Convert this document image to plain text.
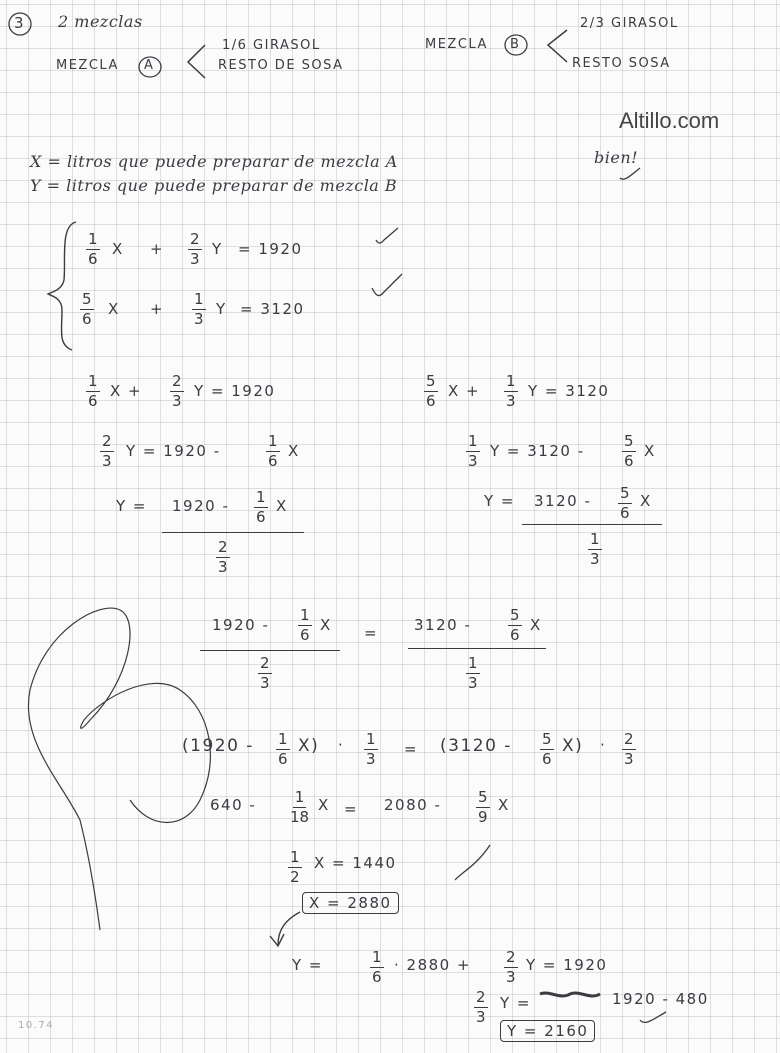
Altillo.com
3 2 mezclas
MEZCLA A
1/6 GIRASOL
RESTO DE SOSA
MEZCLA B
2/3 GIRASOL
RESTO SOSA
X = litros que puede preparar de mezcla A
Y = litros que puede preparar de mezcla B
bien!
$\frac{1}{6}$ $X + \frac{2}{3}$ Y = 1920
$\frac{5}{6}$ $X + \frac{1}{3}$ Y = 3120
$\frac{1}{6}$ $X + \frac{2}{3}$ Y = 1920
$\frac{2}{3}$ Y = 1920 -	$\frac{1}{6}$ X
$Y = 1920 - \frac{1}{6}$ X
$\frac{2}{3}$
$\frac{5}{6}$ $X + \frac{1}{3}$ Y = 3120
$\frac{1}{3}$ $Y = 3120 - \frac{5}{6}$ X
$Y = 3120 - \frac{5}{6}$ X
$\frac{1}{3}$
$1920 - \frac{1}{6}$ X
$\frac{2}{3}$
= $3120 - \frac{5}{6}$ X
$\frac{1}{3}$
$(1920 - \frac{1}{6} X) \cdot \frac{1}{3} = (3120 - \frac{5}{6} X) \cdot \frac{2}{3}$
$640 - \frac{1}{18}$ $X = 2080 - \frac{5}{9}$ X
$\frac{1}{2}$ X = 1440
X = 2880
Y =	$\frac{1}{6} \cdot 2880 + \frac{2}{3}$ Y = 1920
$\frac{2}{3}$ Y =	1920 - 480
Y = 2160
10.74
